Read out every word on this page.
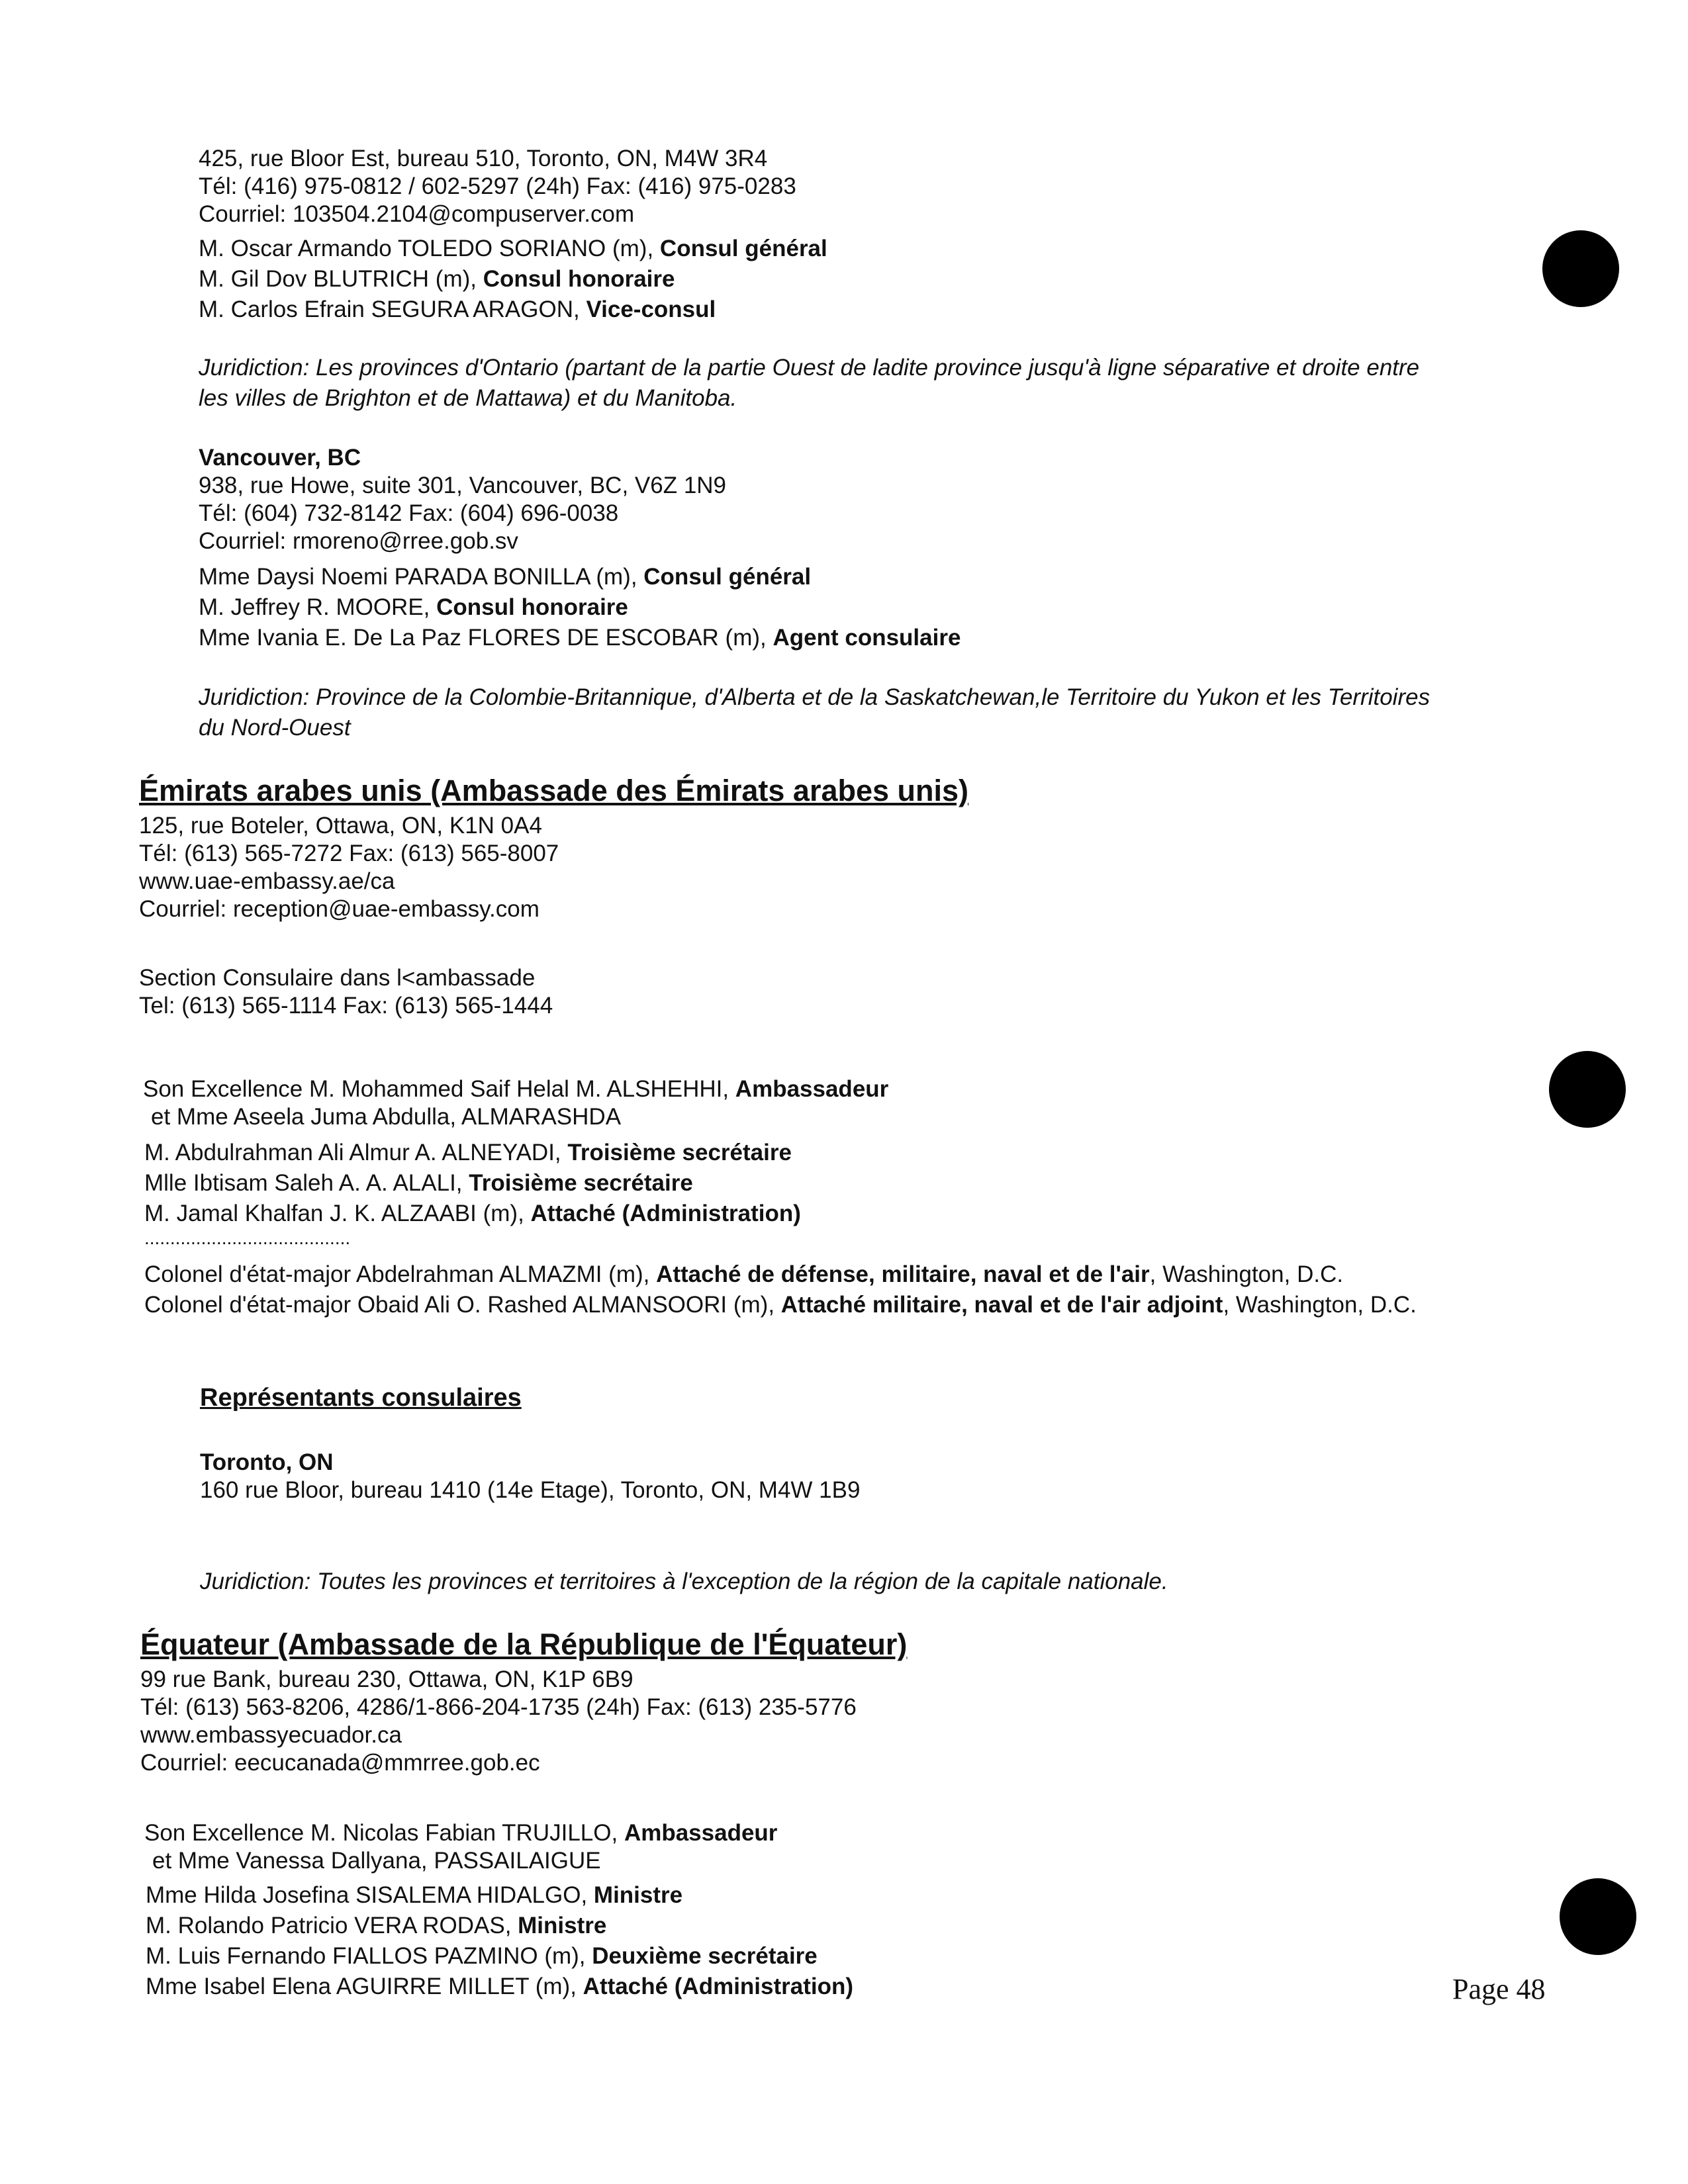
425, rue Bloor Est, bureau 510, Toronto, ON, M4W 3R4
Tél: (416) 975-0812 / 602-5297 (24h) Fax: (416) 975-0283
Courriel: 103504.2104@compuserver.com
M. Oscar Armando TOLEDO SORIANO (m), Consul général
M. Gil Dov BLUTRICH (m), Consul honoraire
M. Carlos Efrain SEGURA ARAGON, Vice-consul
Juridiction: Les provinces d'Ontario (partant de la partie Ouest de ladite province jusqu'à ligne séparative et droite entre
les villes de Brighton et de Mattawa) et du Manitoba.
Vancouver, BC
938, rue Howe, suite 301, Vancouver, BC, V6Z 1N9
Tél: (604) 732-8142 Fax: (604) 696-0038
Courriel: rmoreno@rree.gob.sv
Mme Daysi Noemi PARADA BONILLA (m), Consul général
M. Jeffrey R. MOORE, Consul honoraire
Mme Ivania E. De La Paz FLORES DE ESCOBAR (m), Agent consulaire
Juridiction: Province de la Colombie-Britannique, d'Alberta et de la Saskatchewan,le Territoire du Yukon et les Territoires
du Nord-Ouest
Émirats arabes unis (Ambassade des Émirats arabes unis)
125, rue Boteler, Ottawa, ON, K1N 0A4
Tél: (613) 565-7272 Fax: (613) 565-8007
www.uae-embassy.ae/ca
Courriel: reception@uae-embassy.com
Section Consulaire dans l<ambassade
Tel: (613) 565-1114 Fax: (613) 565-1444
Son Excellence M. Mohammed Saif Helal M. ALSHEHHI, Ambassadeur
et Mme Aseela Juma Abdulla, ALMARASHDA
M. Abdulrahman Ali Almur A. ALNEYADI, Troisième secrétaire
Mlle Ibtisam Saleh A. A. ALALI, Troisième secrétaire
M. Jamal Khalfan J. K. ALZAABI (m), Attaché (Administration)
........................................
Colonel d'état-major Abdelrahman ALMAZMI (m), Attaché de défense, militaire, naval et de l'air, Washington, D.C.
Colonel d'état-major Obaid Ali O. Rashed ALMANSOORI (m), Attaché militaire, naval et de l'air adjoint, Washington, D.C.
Représentants consulaires
Toronto, ON
160 rue Bloor, bureau 1410 (14e Etage), Toronto, ON, M4W 1B9
Juridiction: Toutes les provinces et territoires à l'exception de la région de la capitale nationale.
Équateur (Ambassade de la République de l'Équateur)
99 rue Bank, bureau 230, Ottawa, ON, K1P 6B9
Tél: (613) 563-8206, 4286/1-866-204-1735 (24h) Fax: (613) 235-5776
www.embassyecuador.ca
Courriel: eecucanada@mmrree.gob.ec
Son Excellence M. Nicolas Fabian TRUJILLO, Ambassadeur
et Mme Vanessa Dallyana, PASSAILAIGUE
Mme Hilda Josefina SISALEMA HIDALGO, Ministre
M. Rolando Patricio VERA RODAS, Ministre
M. Luis Fernando FIALLOS PAZMINO (m), Deuxième secrétaire
Mme Isabel Elena AGUIRRE MILLET (m), Attaché (Administration)	Page 48
